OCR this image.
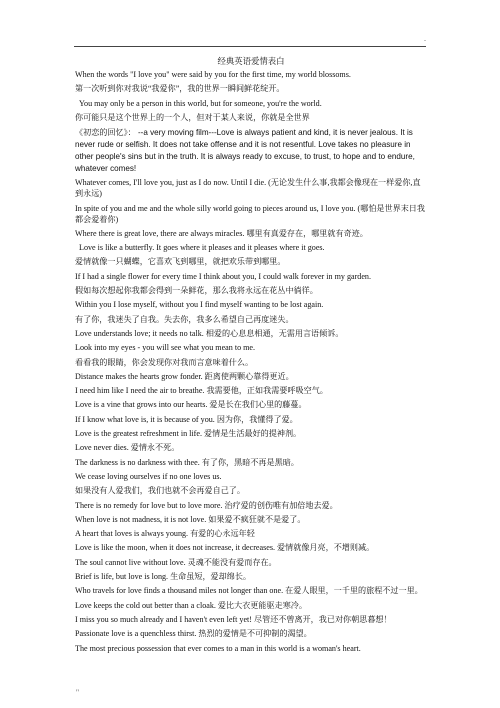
.
经典英语爱情表白

When the words "I love you" were said by you for the first time, my world blossoms.

第一次听到你对我说“我爱你”，我的世界一瞬间鲜花绽开。

You may only be a person in this world, but for someone, you're the world.

你可能只是这个世界上的一个人，但对于某人来说，你就是全世界

《初恋的回忆》： --a very moving film---Love is always patient and kind, it is never jealous. It is never rude or selfish. It does not take offense and it is not resentful. Love takes no pleasure in other people's sins but in the truth. It is always ready to excuse, to trust, to hope and to endure, whatever comes!

Whatever comes, I'll love you, just as I do now. Until I die. (无论发生什么事,我都会像现在一样爱你,直到永远)

In spite of you and me and the whole silly world going to pieces around us, I love you. (哪怕是世界末日我都会爱着你)

Where there is great love, there are always miracles. 哪里有真爱存在，哪里就有奇迹。

Love is like a butterfly. It goes where it pleases and it pleases where it goes.

爱情就像一只蝴蝶，它喜欢飞到哪里，就把欢乐带到哪里。

If I had a single flower for every time I think about you, I could walk forever in my garden.

假如每次想起你我都会得到一朵鲜花，那么我将永远在花丛中徜徉。

Within you I lose myself, without you I find myself wanting to be lost again.

有了你，我迷失了自我。失去你，我多么希望自己再度迷失。

Love understands love; it needs no talk. 相爱的心息息相通，无需用言语倾诉。

Look into my eyes - you will see what you mean to me.

看看我的眼睛，你会发现你对我而言意味着什么。

Distance makes the hearts grow fonder. 距离使两颗心靠得更近。

I need him like I need the air to breathe. 我需要他，正如我需要呼吸空气。

Love is a vine that grows into our hearts. 爱是长在我们心里的藤蔓。

If I know what love is, it is because of you. 因为你，我懂得了爱。

Love is the greatest refreshment in life. 爱情是生活最好的提神剂。

Love never dies. 爱情永不死。

The darkness is no darkness with thee. 有了你，黑暗不再是黑暗。

We cease loving ourselves if no one loves us.

如果没有人爱我们，我们也就不会再爱自己了。

There is no remedy for love but to love more. 治疗爱的创伤唯有加倍地去爱。

When love is not madness, it is not love. 如果爱不疯狂就不是爱了。

A heart that loves is always young. 有爱的心永远年轻

Love is like the moon, when it does not increase, it decreases. 爱情就像月亮，不增则减。

The soul cannot live without love. 灵魂不能没有爱而存在。

Brief is life, but love is long. 生命虽短，爱却绵长。

Who travels for love finds a thousand miles not longer than one. 在爱人眼里，一千里的旅程不过一里。

Love keeps the cold out better than a cloak. 爱比大衣更能驱走寒冷。

I miss you so much already and I haven't even left yet! 尽管还不曾离开，我已对你朝思暮想！

Passionate love is a quenchless thirst. 热烈的爱情是不可抑制的渴望。

The most precious possession that ever comes to a man in this world is a woman's heart.

''
